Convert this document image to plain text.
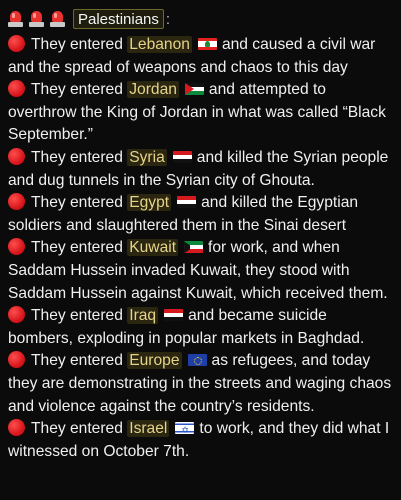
Palestinians :
They entered Lebanon and caused a civil war and the spread of weapons and chaos to this day
They entered Jordan and attempted to overthrow the King of Jordan in what was called “Black September.”
They entered Syria and killed the Syrian people and dug tunnels in the Syrian city of Ghouta.
They entered Egypt and killed the Egyptian soldiers and slaughtered them in the Sinai desert
They entered Kuwait for work, and when Saddam Hussein invaded Kuwait, they stood with Saddam Hussein against Kuwait, which received them.
They entered Iraq and became suicide bombers, exploding in popular markets in Baghdad.
They entered Europe as refugees, and today they are demonstrating in the streets and waging chaos and violence against the country’s residents.
They entered Israel✡ to work, and they did what I witnessed on October 7th.
